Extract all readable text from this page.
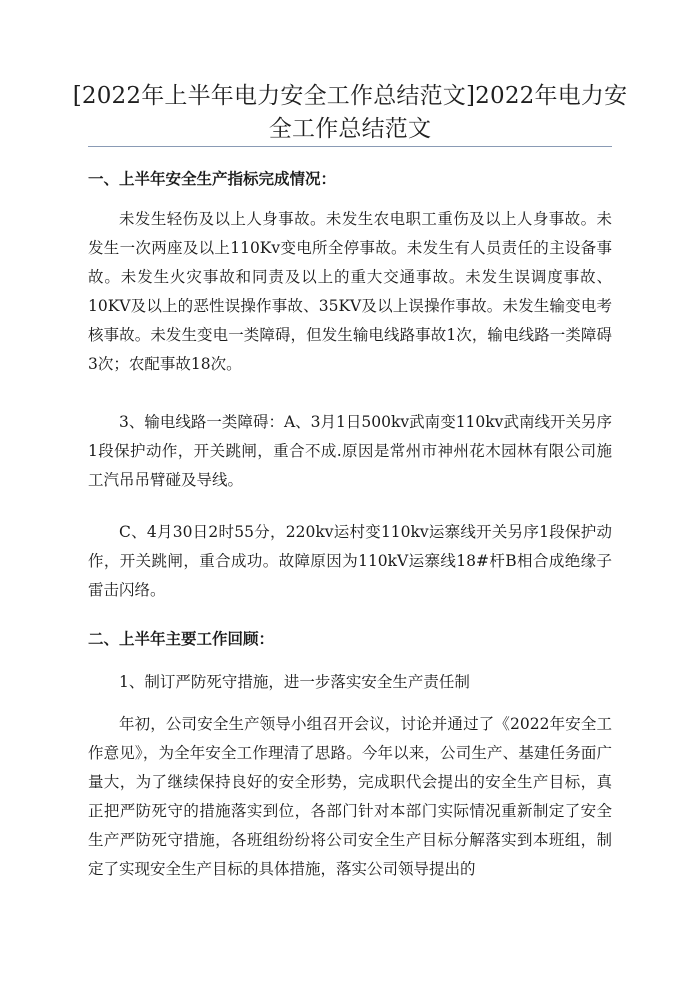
[2022年上半年电力安全工作总结范文]2022年电力安全工作总结范文
一、上半年安全生产指标完成情况：

未发生轻伤及以上人身事故。未发生农电职工重伤及以上人身事故。未发生一次两座及以上110Kv变电所全停事故。未发生有人员责任的主设备事故。未发生火灾事故和同责及以上的重大交通事故。未发生误调度事故、10KV及以上的恶性误操作事故、35KV及以上误操作事故。未发生输变电考核事故。未发生变电一类障碍，但发生输电线路事故1次，输电线路一类障碍3次；农配事故18次。

3、输电线路一类障碍：A、3月1日500kv武南变110kv武南线开关另序1段保护动作，开关跳闸，重合不成.原因是常州市神州花木园林有限公司施工汽吊吊臂碰及导线。

C、4月30日2时55分，220kv运村变110kv运寨线开关另序1段保护动作，开关跳闸，重合成功。故障原因为110kV运寨线18#杆B相合成绝缘子雷击闪络。

二、上半年主要工作回顾：

1、制订严防死守措施，进一步落实安全生产责任制

年初，公司安全生产领导小组召开会议，讨论并通过了《2022年安全工作意见》，为全年安全工作理清了思路。今年以来，公司生产、基建任务面广量大，为了继续保持良好的安全形势，完成职代会提出的安全生产目标，真正把严防死守的措施落实到位，各部门针对本部门实际情况重新制定了安全生产严防死守措施，各班组纷纷将公司安全生产目标分解落实到本班组，制定了实现安全生产目标的具体措施，落实公司领导提出的
